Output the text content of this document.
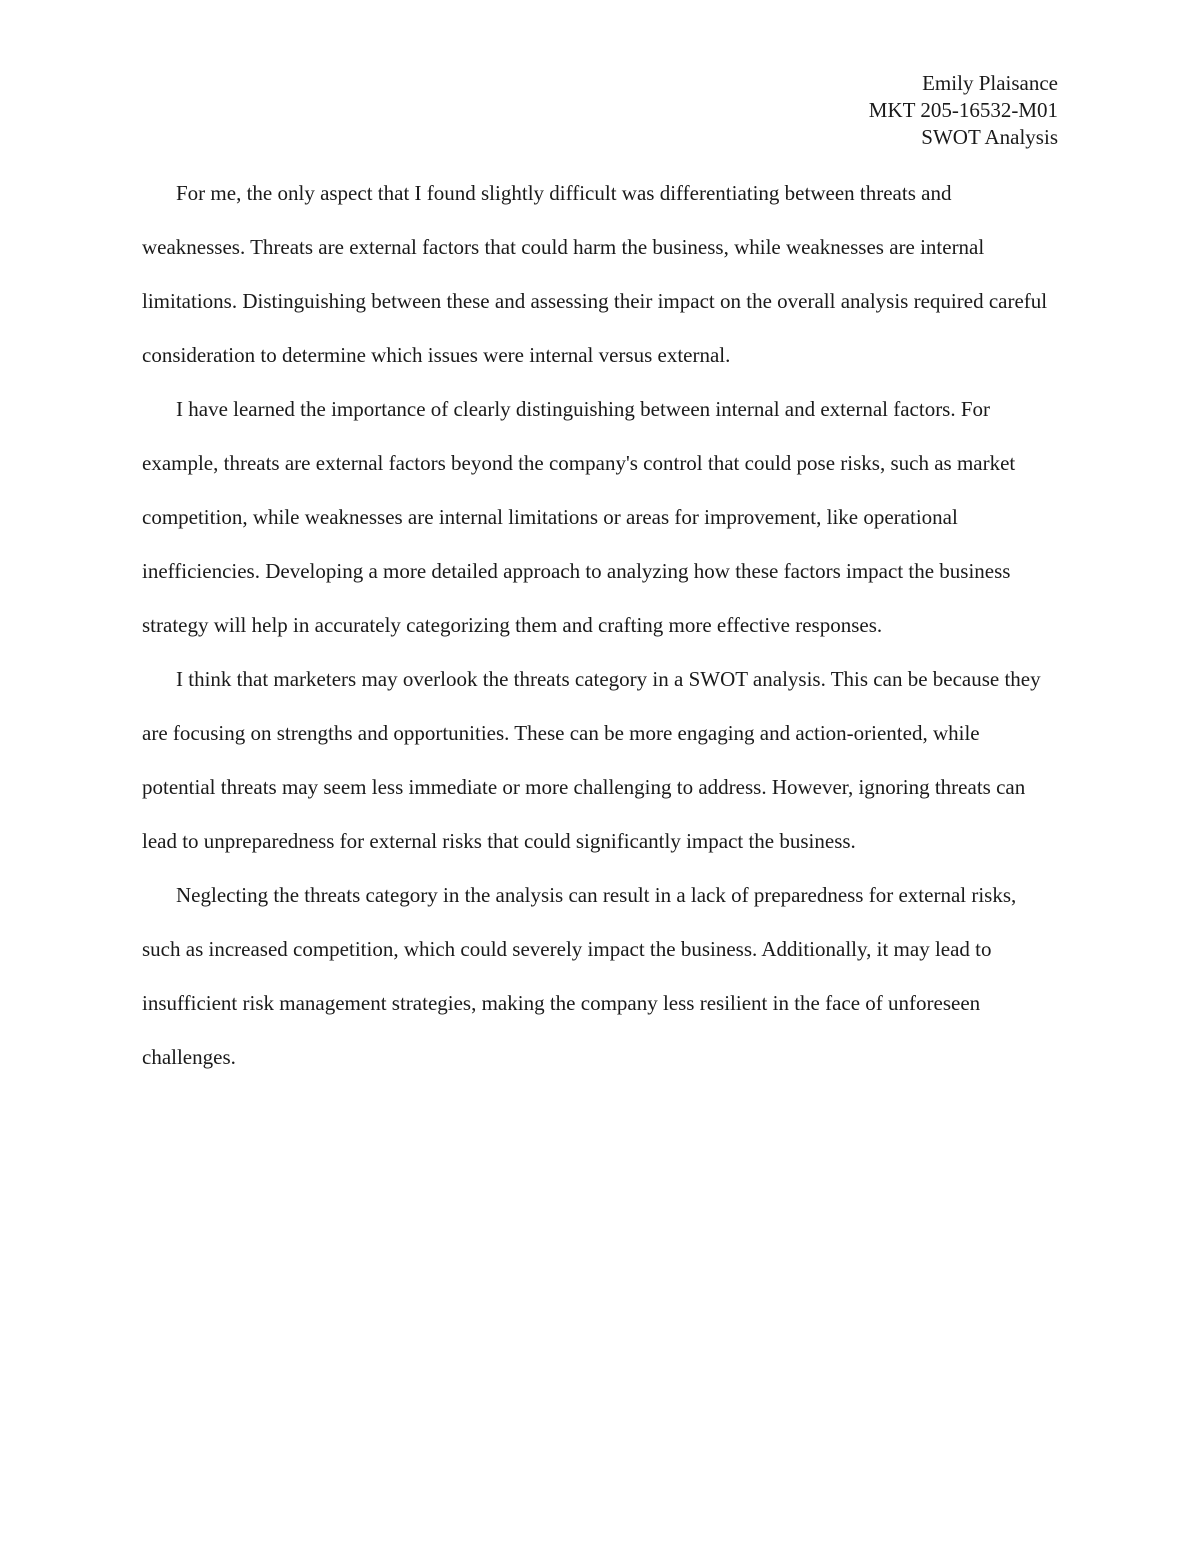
Emily Plaisance
MKT 205-16532-M01
SWOT Analysis

For me, the only aspect that I found slightly difficult was differentiating between threats and weaknesses. Threats are external factors that could harm the business, while weaknesses are internal limitations. Distinguishing between these and assessing their impact on the overall analysis required careful consideration to determine which issues were internal versus external.

I have learned the importance of clearly distinguishing between internal and external factors. For example, threats are external factors beyond the company's control that could pose risks, such as market competition, while weaknesses are internal limitations or areas for improvement, like operational inefficiencies. Developing a more detailed approach to analyzing how these factors impact the business strategy will help in accurately categorizing them and crafting more effective responses.

I think that marketers may overlook the threats category in a SWOT analysis. This can be because they are focusing on strengths and opportunities. These can be more engaging and action-oriented, while potential threats may seem less immediate or more challenging to address. However, ignoring threats can lead to unpreparedness for external risks that could significantly impact the business.

Neglecting the threats category in the analysis can result in a lack of preparedness for external risks, such as increased competition, which could severely impact the business. Additionally, it may lead to insufficient risk management strategies, making the company less resilient in the face of unforeseen challenges.
